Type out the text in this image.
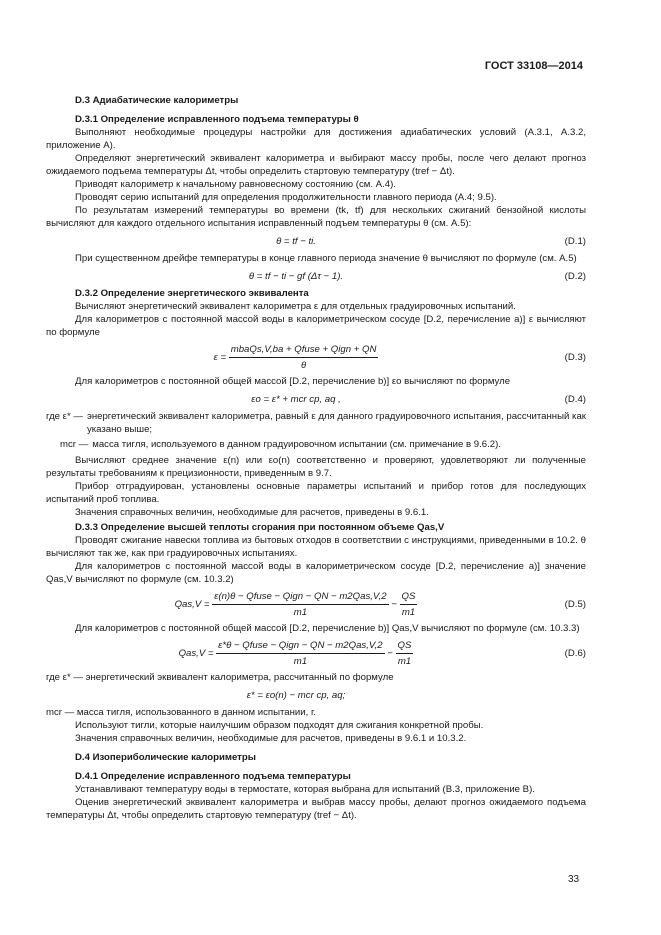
ГОСТ 33108—2014
D.3 Адиабатические калориметры
D.3.1 Определение исправленного подъема температуры θ

Выполняют необходимые процедуры настройки для достижения адиабатических условий (А.3.1, А.3.2, приложение А).

Определяют энергетический эквивалент калориметра и выбирают массу пробы, после чего делают прогноз ожидаемого подъема температуры Δt, чтобы определить стартовую температуру (tref − Δt).

Приводят калориметр к начальному равновесному состоянию (см. А.4).

Проводят серию испытаний для определения продолжительности главного периода (А.4; 9.5).

По результатам измерений температуры во времени (tk, tf) для нескольких сжиганий бензойной кислоты вычисляют для каждого отдельного испытания исправленный подъем температуры θ (см. А.5):

θ = tf − ti.	(D.1)

При существенном дрейфе температуры в конце главного периода значение θ вычисляют по формуле (см. А.5)

θ = tf − ti − gf (Δτ − 1).	(D.2)
D.3.2 Определение энергетического эквивалента

Вычисляют энергетический эквивалент калориметра ε для отдельных градуировочных испытаний.

Для калориметров с постоянной массой воды в калориметрическом сосуде [D.2, перечисление а)] ε вычисляют по формуле

$\varepsilon = \frac{\text{mbaQs,V,ba + Qfuse + Qign + QN}}{\theta}$	(D.3)

Для калориметров с постоянной общей массой [D.2, перечисление b)] εo вычисляют по формуле

εo = ε* + mcr cp, aq ,	(D.4)
где ε* — энергетический эквивалент калориметра, равный ε для данного градуировочного испытания, рассчитанный как указано выше;
mcr — масса тигля, используемого в данном градуировочном испытании (см. примечание в 9.6.2).

Вычисляют среднее значение ε(n) или εo(n) соответственно и проверяют, удовлетворяют ли полученные результаты требованиям к прецизионности, приведенным в 9.7.

Прибор отградуирован, установлены основные параметры испытаний и прибор готов для последующих испытаний проб топлива.

Значения справочных величин, необходимые для расчетов, приведены в 9.6.1.

D.3.3 Определение высшей теплоты сгорания при постоянном объеме Qas,V

Проводят сжигание навески топлива из бытовых отходов в соответствии с инструкциями, приведенными в 10.2. θ вычисляют так же, как при градуировочных испытаниях.

Для калориметров с постоянной массой воды в калориметрическом сосуде [D.2, перечисление а)] значение Qas,V вычисляют по формуле (см. 10.3.2)

$Qas,V = \frac{\text{ε(n)θ − Qfuse − Qign − QN − m2Qas,V,2}}{m1} - \frac{QS}{m1}$	(D.5)

Для калориметров с постоянной общей массой [D.2, перечисление b)] Qas,V вычисляют по формуле (см. 10.3.3)

$Qas,V = \frac{\text{ε*θ − Qfuse − Qign − QN − m2Qas,V,2}}{m1} - \frac{QS}{m1}$	(D.6)

где ε* — энергетический эквивалент калориметра, рассчитанный по формуле

ε* = εo(n) − mcr cp, aq;

mcr — масса тигля, использованного в данном испытании, г.

Используют тигли, которые наилучшим образом подходят для сжигания конкретной пробы.

Значения справочных величин, необходимые для расчетов, приведены в 9.6.1 и 10.3.2.

D.4 Изопериболические калориметры
D.4.1 Определение исправленного подъема температуры

Устанавливают температуру воды в термостате, которая выбрана для испытаний (В.3, приложение В).

Оценив энергетический эквивалент калориметра и выбрав массу пробы, делают прогноз ожидаемого подъема температуры Δt, чтобы определить стартовую температуру (tref − Δt).

33
